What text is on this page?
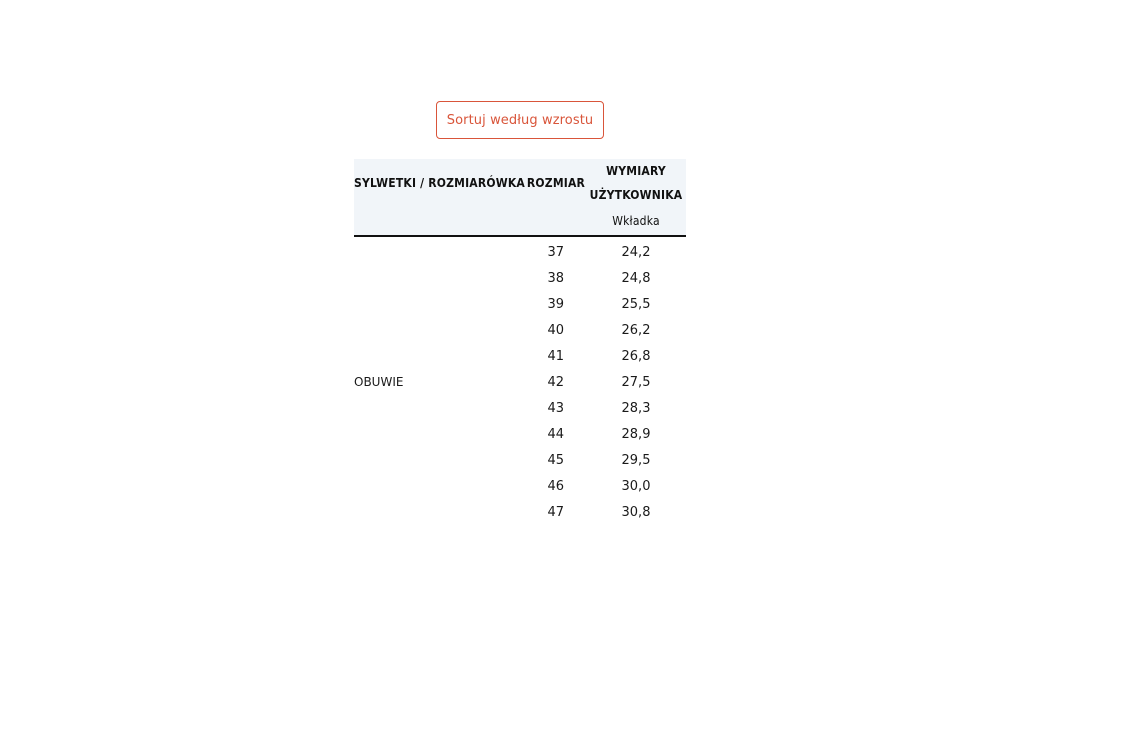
Sortuj według wzrostu
SYLWETKI / ROZMIARÓWKA	ROZMIAR	WYMIARY
		UŻYTKOWNIKA
		Wkładka
OBUWIE	37	24,2
	38	24,8
	39	25,5
	40	26,2
	41	26,8
	42	27,5
	43	28,3
	44	28,9
	45	29,5
	46	30,0
	47	30,8
